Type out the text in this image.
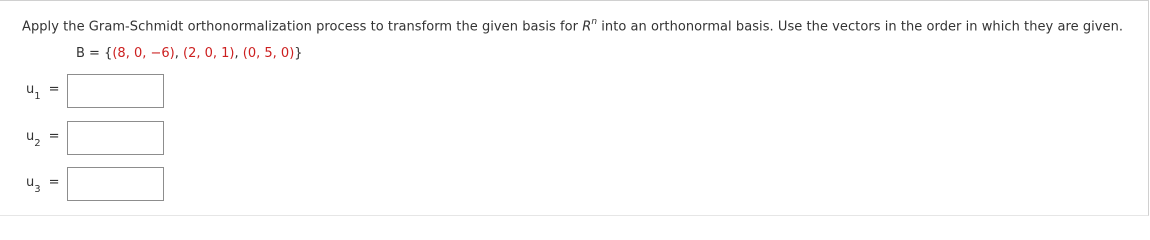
Apply the Gram-Schmidt orthonormalization process to transform the given basis for $R^n$ into an orthonormal basis. Use the vectors in the order in which they are given.
B = {(8, 0, −6), (2, 0, 1), (0, 5, 0)}
$u_1$ =
$u_2$ =
$u_3$ =
